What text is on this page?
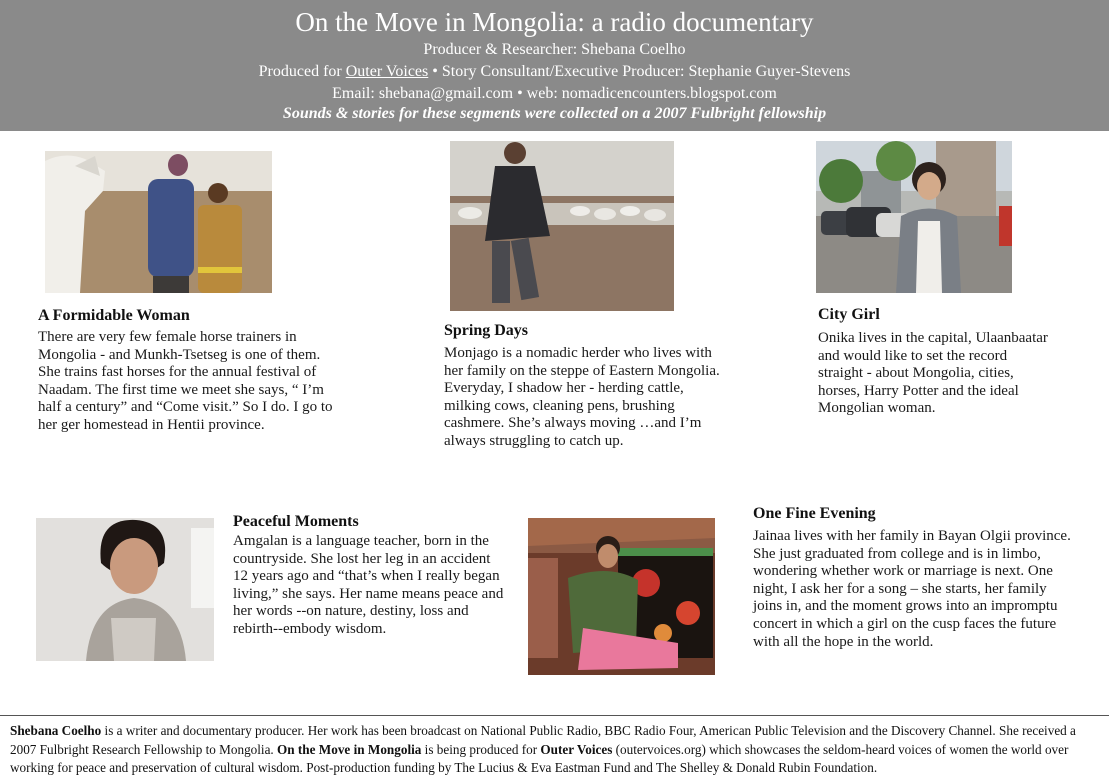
On the Move in Mongolia: a radio documentary
Producer & Researcher: Shebana Coelho
Produced for Outer Voices • Story Consultant/Executive Producer: Stephanie Guyer-Stevens
Email: shebana@gmail.com • web: nomadicencounters.blogspot.com
Sounds & stories for these segments were collected on a 2007 Fulbright fellowship
A Formidable Woman
There are very few female horse trainers in Mongolia - and Munkh-Tsetseg is one of them. She trains fast horses for the annual festival of Naadam. The first time we meet she says, “ I’m half a century” and “Come visit.” So I do. I go to her ger homestead in Hentii province.
Spring Days
Monjago is a nomadic herder who lives with her family on the steppe of Eastern Mongolia. Everyday, I shadow her - herding cattle, milking cows, cleaning pens, brushing cashmere. She’s always moving …and I’m always struggling to catch up.
City Girl
Onika lives in the capital, Ulaanbaatar and would like to set the record straight - about Mongolia, cities, horses, Harry Potter and the ideal Mongolian woman.
Peaceful Moments
Amgalan is a language teacher, born in the countryside. She lost her leg in an accident 12 years ago and “that’s when I really began living,” she says. Her name means peace and her words --on nature, destiny, loss and rebirth--embody wisdom.
One Fine Evening
Jainaa lives with her family in Bayan Olgii province. She just graduated from college and is in limbo, wondering whether work or marriage is next. One night, I ask her for a song – she starts, her family joins in, and the moment grows into an impromptu concert in which a girl on the cusp faces the future with all the hope in the world.
Shebana Coelho is a writer and documentary producer. Her work has been broadcast on National Public Radio, BBC Radio Four, American Public Television and the Discovery Channel. She received a 2007 Fulbright Research Fellowship to Mongolia. On the Move in Mongolia is being produced for Outer Voices (outervoices.org) which showcases the seldom-heard voices of women the world over working for peace and preservation of cultural wisdom. Post-production funding by The Lucius & Eva Eastman Fund and The Shelley & Donald Rubin Foundation.
